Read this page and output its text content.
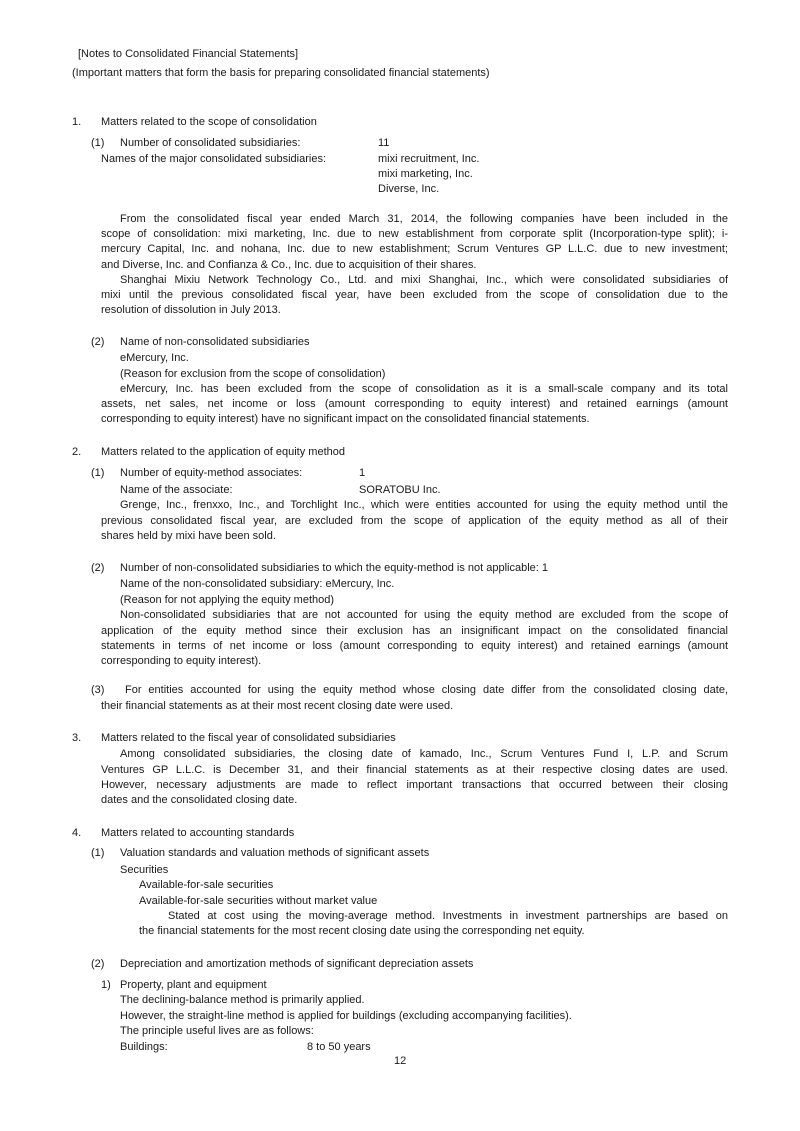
[Notes to Consolidated Financial Statements]
(Important matters that form the basis for preparing consolidated financial statements)
1. Matters related to the scope of consolidation
(1) Number of consolidated subsidiaries:	11
Names of the major consolidated subsidiaries:	mixi recruitment, Inc.
mixi marketing, Inc.
Diverse, Inc.
From the consolidated fiscal year ended March 31, 2014, the following companies have been included in the
scope of consolidation: mixi marketing, Inc. due to new establishment from corporate split (Incorporation-type split); i-
mercury Capital, Inc. and nohana, Inc. due to new establishment; Scrum Ventures GP L.L.C. due to new investment;
and Diverse, Inc. and Confianza & Co., Inc. due to acquisition of their shares.
Shanghai Mixiu Network Technology Co., Ltd. and mixi Shanghai, Inc., which were consolidated subsidiaries of
mixi until the previous consolidated fiscal year, have been excluded from the scope of consolidation due to the
resolution of dissolution in July 2013.
(2) Name of non-consolidated subsidiaries
eMercury, Inc.
(Reason for exclusion from the scope of consolidation)
eMercury, Inc. has been excluded from the scope of consolidation as it is a small-scale company and its total
assets, net sales, net income or loss (amount corresponding to equity interest) and retained earnings (amount
corresponding to equity interest) have no significant impact on the consolidated financial statements.
2. Matters related to the application of equity method
(1) Number of equity-method associates:	1
Name of the associate:	SORATOBU Inc.
Grenge, Inc., frenxxo, Inc., and Torchlight Inc., which were entities accounted for using the equity method until the
previous consolidated fiscal year, are excluded from the scope of application of the equity method as all of their
shares held by mixi have been sold.
(2) Number of non-consolidated subsidiaries to which the equity-method is not applicable: 1
Name of the non-consolidated subsidiary: eMercury, Inc.
(Reason for not applying the equity method)
Non-consolidated subsidiaries that are not accounted for using the equity method are excluded from the scope of
application of the equity method since their exclusion has an insignificant impact on the consolidated financial
statements in terms of net income or loss (amount corresponding to equity interest) and retained earnings (amount
corresponding to equity interest).
(3) For entities accounted for using the equity method whose closing date differ from the consolidated closing date,
their financial statements as at their most recent closing date were used.
3. Matters related to the fiscal year of consolidated subsidiaries
Among consolidated subsidiaries, the closing date of kamado, Inc., Scrum Ventures Fund I, L.P. and Scrum
Ventures GP L.L.C. is December 31, and their financial statements as at their respective closing dates are used.
However, necessary adjustments are made to reflect important transactions that occurred between their closing
dates and the consolidated closing date.
4. Matters related to accounting standards
(1) Valuation standards and valuation methods of significant assets
Securities
Available-for-sale securities
Available-for-sale securities without market value
Stated at cost using the moving-average method. Investments in investment partnerships are based on
the financial statements for the most recent closing date using the corresponding net equity.
(2) Depreciation and amortization methods of significant depreciation assets
1) Property, plant and equipment
The declining-balance method is primarily applied.
However, the straight-line method is applied for buildings (excluding accompanying facilities).
The principle useful lives are as follows:
Buildings:	8 to 50 years
12
